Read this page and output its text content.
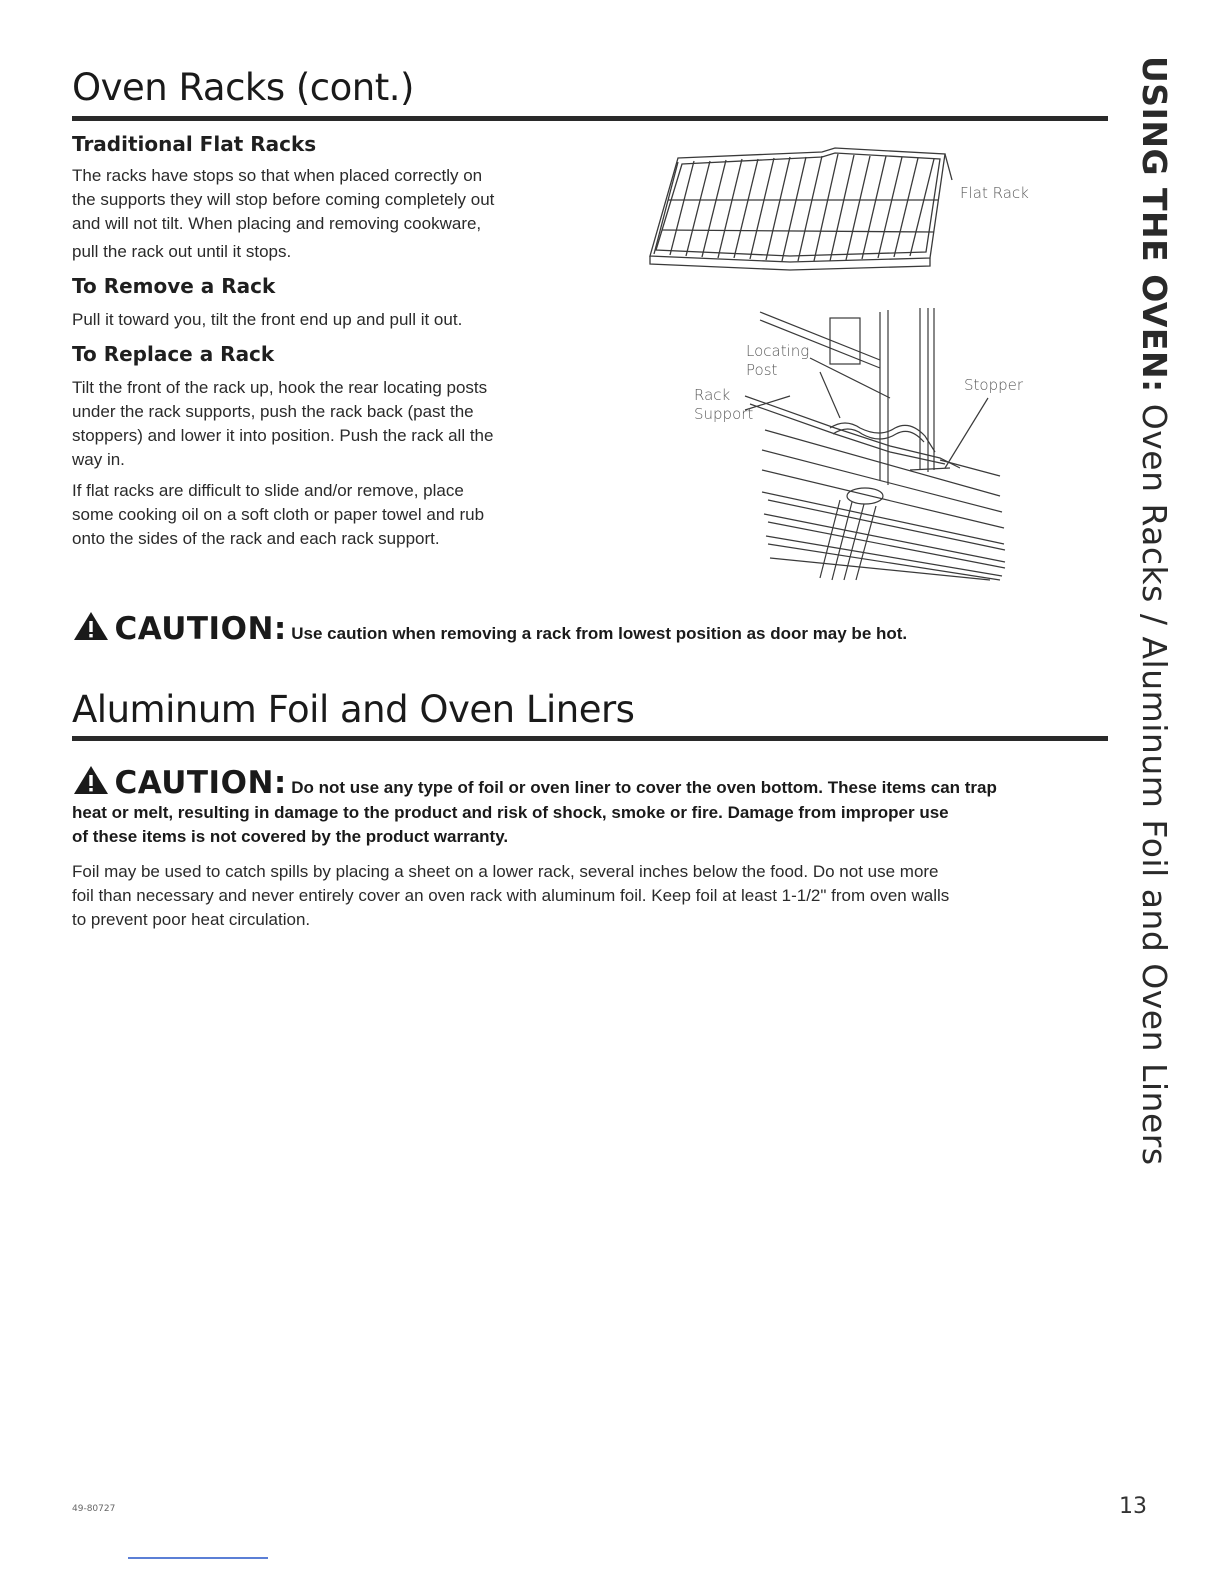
Oven Racks (cont.)
Traditional Flat Racks

The racks have stops so that when placed correctly on

the supports they will stop before coming completely out

and will not tilt. When placing and removing cookware,

pull the rack out until it stops.

To Remove a Rack

Pull it toward you, tilt the front end up and pull it out.

To Replace a Rack

Tilt the front of the rack up, hook the rear locating posts

under the rack supports, push the rack back (past the

stoppers) and lower it into position. Push the rack all the

way in.

If flat racks are difficult to slide and/or remove, place

some cooking oil on a soft cloth or paper towel and rub

onto the sides of the rack and each rack support.

Flat Rack
Locating
Post
Rack
Support
Stopper
CAUTION: Use caution when removing a rack from lowest position as door may be hot.
Aluminum Foil and Oven Liners
CAUTION: Do not use any type of foil or oven liner to cover the oven bottom. These items can trap
heat or melt, resulting in damage to the product and risk of shock, smoke or fire. Damage from improper use
of these items is not covered by the product warranty.

Foil may be used to catch spills by placing a sheet on a lower rack, several inches below the food. Do not use more

foil than necessary and never entirely cover an oven rack with aluminum foil. Keep foil at least 1-1/2" from oven walls

to prevent poor heat circulation.

USING THE OVEN: Oven Racks / Aluminum Foil and Oven Liners
49-80727	13
